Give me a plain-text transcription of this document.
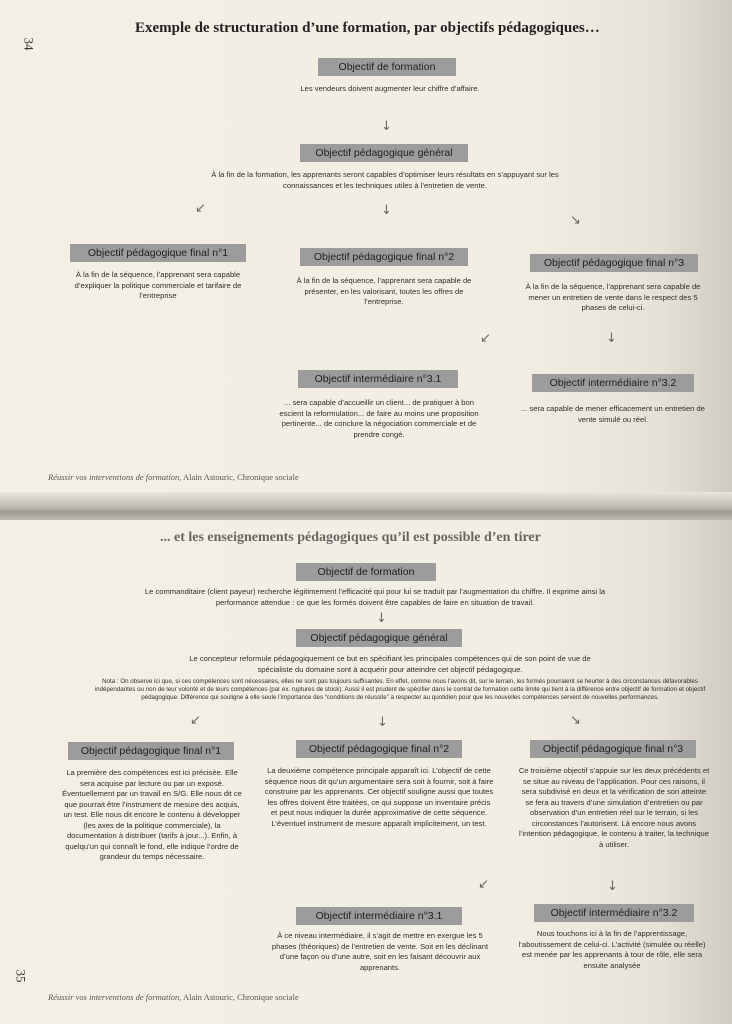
34
Exemple de structuration d’une formation, par objectifs pédagogiques…
Objectif de formation
Les vendeurs doivent augmenter leur chiffre d’affaire.
↓
Objectif pédagogique général
À la fin de la formation, les apprenants seront capables d’optimiser leurs résultats en s’appuyant sur les connaissances et les techniques utiles à l’entretien de vente.
↙	↓
↘
Objectif pédagogique final n°1
À la fin de la séquence, l’apprenant sera capable d’expliquer la politique commerciale et tarifaire de l’entreprise
Objectif pédagogique final n°2
À la fin de la séquence, l’apprenant sera capable de présenter, en les valorisant, toutes les offres de l’entreprise.
Objectif pédagogique final n°3
À la fin de la séquence, l’apprenant sera capable de mener un entretien de vente dans le respect des 5 phases de celui-ci.
↙	↓
Objectif intermédiaire n°3.1
... sera capable d’accueillir un client... de pratiquer à bon escient la reformulation... de faire au moins une proposition pertinente... de conclure la négociation commerciale et de prendre congé.
Objectif intermédiaire n°3.2
... sera capable de mener efficacement un entretien de vente simulé ou réel.
Réussir vos interventions de formation, Alain Astouric, Chronique sociale
35
... et les enseignements pédagogiques qu’il est possible d’en tirer
Objectif de formation
Le commanditaire (client payeur) recherche légitimement l’efficacité qui pour lui se traduit par l’augmentation du chiffre. Il exprime ainsi la performance attendue : ce que les formés doivent être capables de faire en situation de travail.
↓
Objectif pédagogique général
Le concepteur reformule pédagogiquement ce but en spécifiant les principales compétences qui de son point de vue de spécialiste du domaine sont à acquérir pour atteindre cet objectif pédagogique.
Nota : On observe ici que, si ces compétences sont nécessaires, elles ne sont pas toujours suffisantes. En effet, comme nous l’avons dit, sur le terrain, les formés pourraient se heurter à des circonstances défavorables indépendantes ou non de leur volonté et de leurs compétences (par ex. ruptures de stock). Aussi il est prudent de spécifier dans le contrat de formation cette limite qui tient à la différence entre objectif de formation et objectif pédagogique. Différence qui souligne à elle seule l’importance des “conditions de réussite” à respecter au quotidien pour que les nouvelles compétences servent de nouvelles performances.
↙	↓	↘
Objectif pédagogique final n°1
La première des compétences est ici précisée. Elle sera acquise par lecture ou par un exposé. Éventuellement par un travail en S/G. Elle nous dit ce que pourrait être l’instrument de mesure des acquis, un test. Elle nous dit encore le contenu à développer (les axes de la politique commerciale), la documentation à distribuer (tarifs à jour...). Enfin, à quelqu’un qui connaît le fond, elle indique l’ordre de grandeur du temps nécessaire.
Objectif pédagogique final n°2
La deuxième compétence principale apparaît ici. L’objectif de cette séquence nous dit qu’un argumentaire sera soit à fournir, soit à faire construire par les apprenants. Cet objectif souligne aussi que toutes les offres doivent être traitées, ce qui suppose un inventaire précis et peut nous indiquer la durée approximative de cette séquence. L’éventuel instrument de mesure apparaît implicitement, un test.
Objectif pédagogique final n°3
Ce troisième objectif s’appuie sur les deux précédents et se situe au niveau de l’application. Pour ces raisons, il sera subdivisé en deux et la vérification de son atteinte se fera au travers d’une simulation d’entretien ou par observation d’un entretien réel sur le terrain, si les circonstances l’autorisent. Là encore nous avons l’intention pédagogique, le contenu à traiter, la technique à utiliser.
↙	↓
Objectif intermédiaire n°3.1
À ce niveau intermédiaire, il s’agit de mettre en exergue les 5 phases (théoriques) de l’entretien de vente. Soit en les déclinant d’une façon ou d’une autre, soit en les faisant découvrir aux apprenants.
Objectif intermédiaire n°3.2
Nous touchons ici à la fin de l’apprentissage, l’aboutissement de celui-ci. L’activité (simulée ou réelle) est menée par les apprenants à tour de rôle, elle sera ensuite analysée
Réussir vos interventions de formation, Alain Astouric, Chronique sociale
